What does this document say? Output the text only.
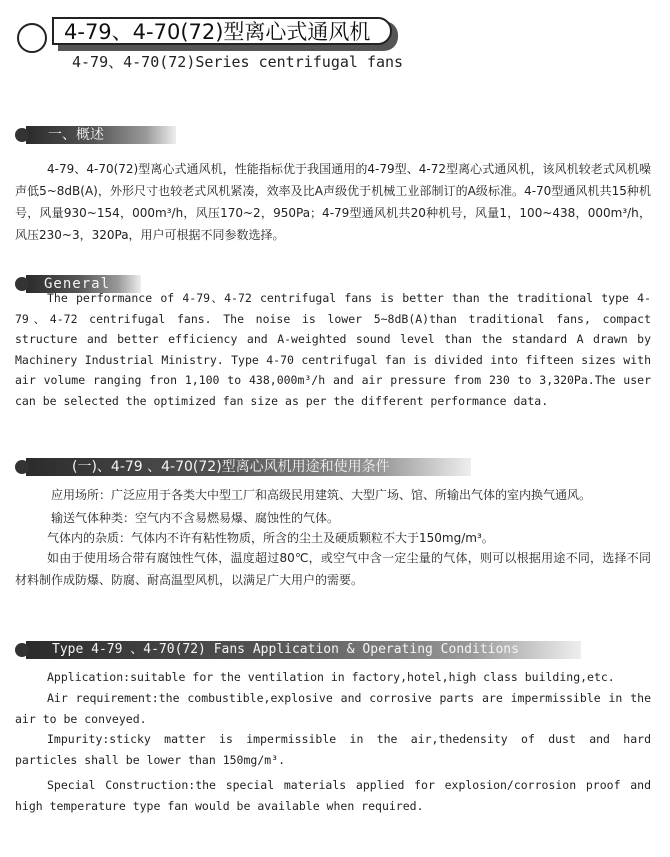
4-79、4-70(72)型离心式通风机
4-79、4-70(72)Series centrifugal fans
一、概述

4-79、4-70(72)型离心式通风机，性能指标优于我国通用的4-79型、4-72型离心式通风机，该风机较老式风机噪声低5~8dB(A)，外形尺寸也较老式风机紧凑，效率及比A声级优于机械工业部制订的A级标准。4-70型通风机共15种机号，风量930~154，000m³/h，风压170~2，950Pa；4-79型通风机共20种机号，风量1，100~438，000m³/h，风压230~3，320Pa，用户可根据不同参数选择。

General

The performance of 4-79、4-72 centrifugal fans is better than the traditional type 4-79、4-72 centrifugal fans. The noise is lower 5~8dB(A)than traditional fans, compact structure and better efficiency and A-weighted sound level than the standard A drawn by Machinery Industrial Ministry. Type 4-70 centrifugal fan is divided into fifteen sizes with air volume ranging fron 1,100 to 438,000m³/h and air pressure from 230 to 3,320Pa.The user can be selected the optimized fan size as per the different performance data.

(一)、4-79 、4-70(72)型离心风机用途和使用条件

应用场所：广泛应用于各类大中型工厂和高级民用建筑、大型广场、馆、所输出气体的室内换气通风。

输送气体种类：空气内不含易燃易爆、腐蚀性的气体。

气体内的杂质：气体内不许有粘性物质，所含的尘土及硬质颗粒不大于150mg/m³。

如由于使用场合带有腐蚀性气体，温度超过80℃，或空气中含一定尘量的气体，则可以根据用途不同，选择不同材料制作成防爆、防腐、耐高温型风机，以满足广大用户的需要。

Type 4-79 、4-70(72) Fans Application & Operating Conditions

Application:suitable for the ventilation in factory,hotel,high class building,etc.

Air requirement:the combustible,explosive and corrosive parts are impermissible in the air to be conveyed.

Impurity:sticky matter is impermissible in the air,thedensity of dust and hard particles shall be lower than 150mg/m³.

Special Construction:the special materials applied for explosion/corrosion proof and high temperature type fan would be available when required.
